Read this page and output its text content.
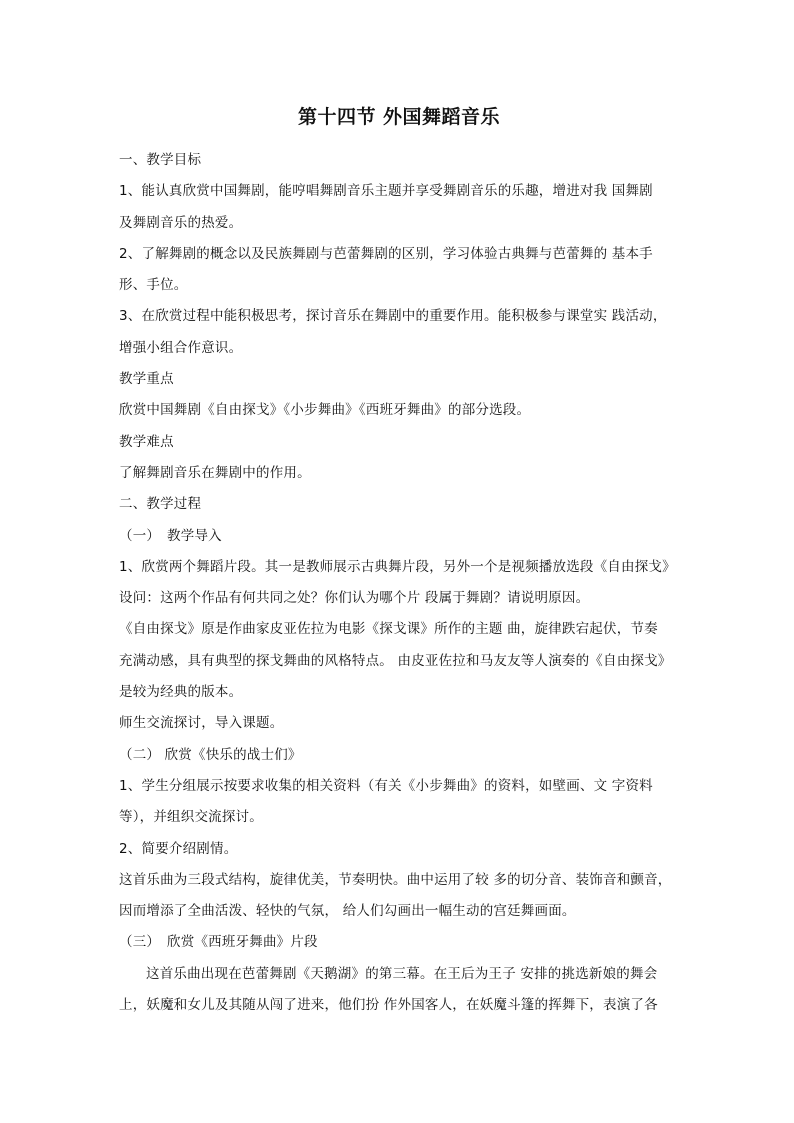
第十四节 外国舞蹈音乐
一、教学目标
1、能认真欣赏中国舞剧，能哼唱舞剧音乐主题并享受舞剧音乐的乐趣，增进对我 国舞剧
及舞剧音乐的热爱。
2、了解舞剧的概念以及民族舞剧与芭蕾舞剧的区别，学习体验古典舞与芭蕾舞的 基本手
形、手位。
3、在欣赏过程中能积极思考，探讨音乐在舞剧中的重要作用。能积极参与课堂实 践活动，
增强小组合作意识。
教学重点
欣赏中国舞剧《自由探戈》《小步舞曲》《西班牙舞曲》的部分选段。
教学难点
了解舞剧音乐在舞剧中的作用。
二、教学过程
（一）　教学导入
1、欣赏两个舞蹈片段。其一是教师展示古典舞片段，另外一个是视频播放选段《自由探戈》
设问：这两个作品有何共同之处？你们认为哪个片 段属于舞剧？请说明原因。
《自由探戈》原是作曲家皮亚佐拉为电影《探戈课》所作的主题 曲，旋律跌宕起伏，节奏
充满动感，具有典型的探戈舞曲的风格特点。 由皮亚佐拉和马友友等人演奏的《自由探戈》
是较为经典的版本。
师生交流探讨，导入课题。
（二） 欣赏《快乐的战士们》
1、学生分组展示按要求收集的相关资料（有关《小步舞曲》的资料，如壁画、文 字资料
等），并组织交流探讨。
2、简要介绍剧情。
这首乐曲为三段式结构，旋律优美，节奏明快。曲中运用了较 多的切分音、装饰音和颤音，
因而增添了全曲活泼、轻快的气氛， 给人们勾画出一幅生动的宫廷舞画面。
（三）　欣赏《西班牙舞曲》片段
这首乐曲出现在芭蕾舞剧《天鹅湖》的第三幕。在王后为王子 安排的挑选新娘的舞会
上，妖魔和女儿及其随从闯了进来，他们扮 作外国客人，在妖魔斗篷的挥舞下，表演了各
